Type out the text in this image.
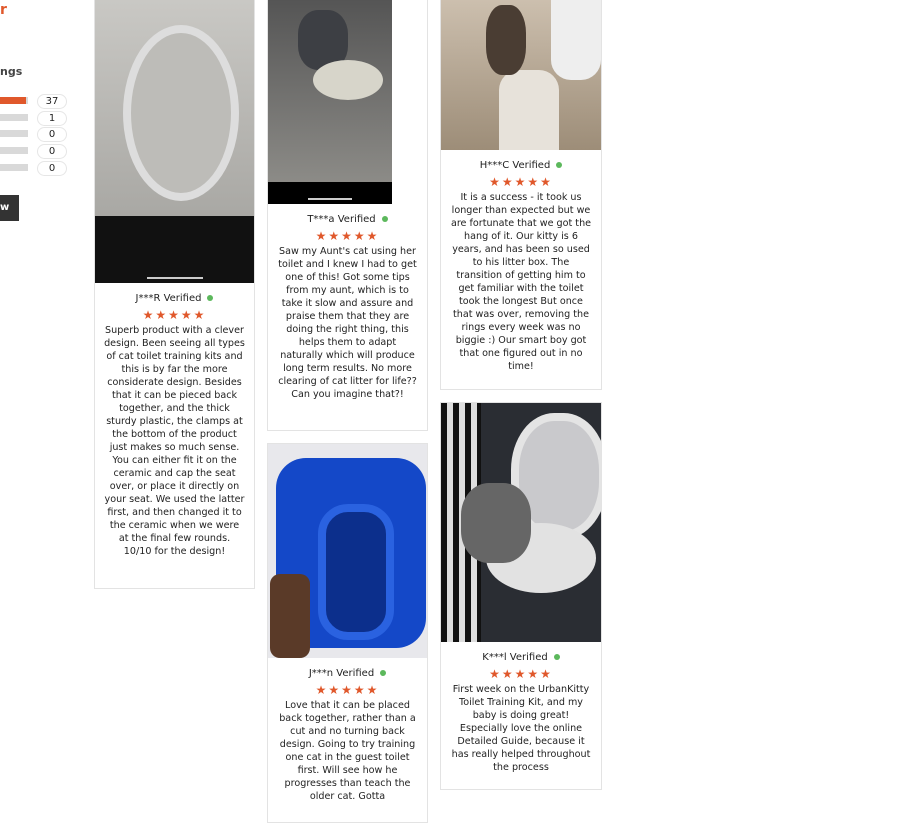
r
ngs
37
1
0
0
0
w
J***R Verified
★★★★★
Superb product with a clever design. Been seeing all types of cat toilet training kits and this is by far the more considerate design. Besides that it can be pieced back together, and the thick sturdy plastic, the clamps at the bottom of the product just makes so much sense. You can either fit it on the ceramic and cap the seat over, or place it directly on your seat. We used the latter first, and then changed it to the ceramic when we were at the final few rounds. 10/10 for the design!
T***a Verified
★★★★★
Saw my Aunt's cat using her toilet and I knew I had to get one of this! Got some tips from my aunt, which is to take it slow and assure and praise them that they are doing the right thing, this helps them to adapt naturally which will produce long term results. No more clearing of cat litter for life?? Can you imagine that?!
J***n Verified
★★★★★
Love that it can be placed back together, rather than a cut and no turning back design. Going to try training one cat in the guest toilet first. Will see how he progresses than teach the older cat. Gotta
H***C Verified
★★★★★
It is a success - it took us longer than expected but we are fortunate that we got the hang of it. Our kitty is 6 years, and has been so used to his litter box. The transition of getting him to get familiar with the toilet took the longest But once that was over, removing the rings every week was no biggie :) Our smart boy got that one figured out in no time!
K***l Verified
★★★★★
First week on the UrbanKitty Toilet Training Kit, and my baby is doing great! Especially love the online Detailed Guide, because it has really helped throughout the process
